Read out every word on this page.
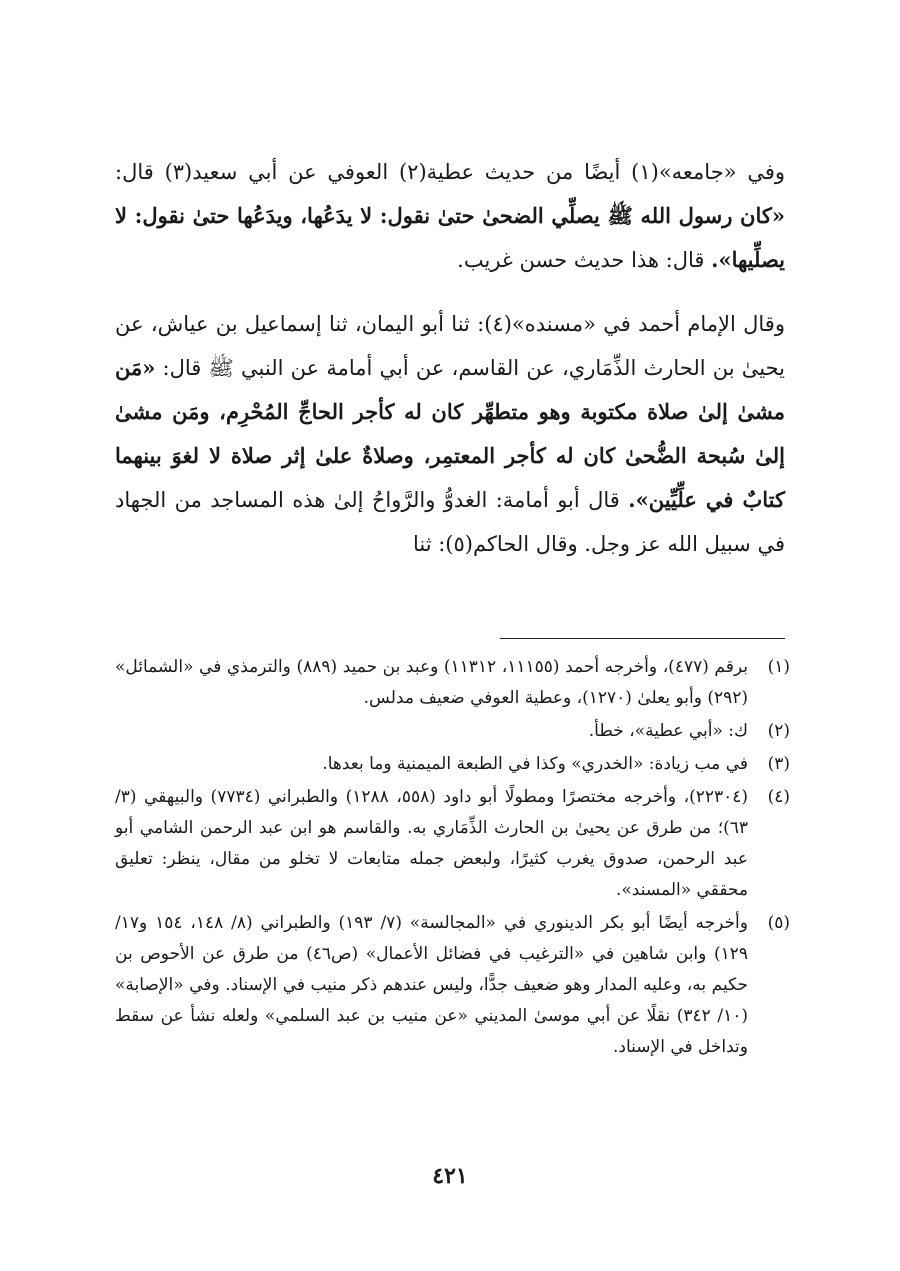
وفي «جامعه»(١) أيضًا من حديث عطية(٢) العوفي عن أبي سعيد(٣) قال: «كان رسول الله ﷺ يصلِّي الضحىٰ حتىٰ نقول: لا يدَعُها، ويدَعُها حتىٰ نقول: لا يصلِّيها». قال: هذا حديث حسن غريب.

وقال الإمام أحمد في «مسنده»(٤): ثنا أبو اليمان، ثنا إسماعيل بن عياش، عن يحيىٰ بن الحارث الذِّمَاري، عن القاسم، عن أبي أمامة عن النبي ﷺ قال: «مَن مشىٰ إلىٰ صلاة مكتوبة وهو متطهِّر كان له كأجر الحاجِّ المُحْرِم، ومَن مشىٰ إلىٰ سُبحة الضُّحىٰ كان له كأجر المعتمِر، وصلاةٌ علىٰ إثر صلاة لا لغوَ بينهما كتابٌ في علِّيِّين». قال أبو أمامة: الغدوُّ والرَّواحُ إلىٰ هذه المساجد من الجهاد في سبيل الله عز وجل. وقال الحاكم(٥): ثنا

(١)
برقم (٤٧٧)، وأخرجه أحمد (١١١٥٥، ١١٣١٢) وعبد بن حميد (٨٨٩) والترمذي في «الشمائل» (٢٩٢) وأبو يعلىٰ (١٢٧٠)، وعطية العوفي ضعيف مدلس.
(٢)
ك: «أبي عطية»، خطأ.
(٣)
في مب زيادة: «الخدري» وكذا في الطبعة الميمنية وما بعدها.
(٤)
(٢٢٣٠٤)، وأخرجه مختصرًا ومطولًا أبو داود (٥٥٨، ١٢٨٨) والطبراني (٧٧٣٤) والبيهقي (٣/ ٦٣)؛ من طرق عن يحيىٰ بن الحارث الذِّمَاري به. والقاسم هو ابن عبد الرحمن الشامي أبو عبد الرحمن، صدوق يغرب كثيرًا، ولبعض جمله متابعات لا تخلو من مقال، ينظر: تعليق محققي «المسند».
(٥)
وأخرجه أيضًا أبو بكر الدينوري في «المجالسة» (٧/ ١٩٣) والطبراني (٨/ ١٤٨، ١٥٤ و١٧/ ١٢٩) وابن شاهين في «الترغيب في فضائل الأعمال» (ص٤٦) من طرق عن الأحوص بن حكيم به، وعليه المدار وهو ضعيف جدًّا، وليس عندهم ذكر منيب في الإسناد. وفي «الإصابة» (١٠/ ٣٤٢) نقلًا عن أبي موسىٰ المديني «عن منيب بن عبد السلمي» ولعله نشأ عن سقط وتداخل في الإسناد.
٤٢١
